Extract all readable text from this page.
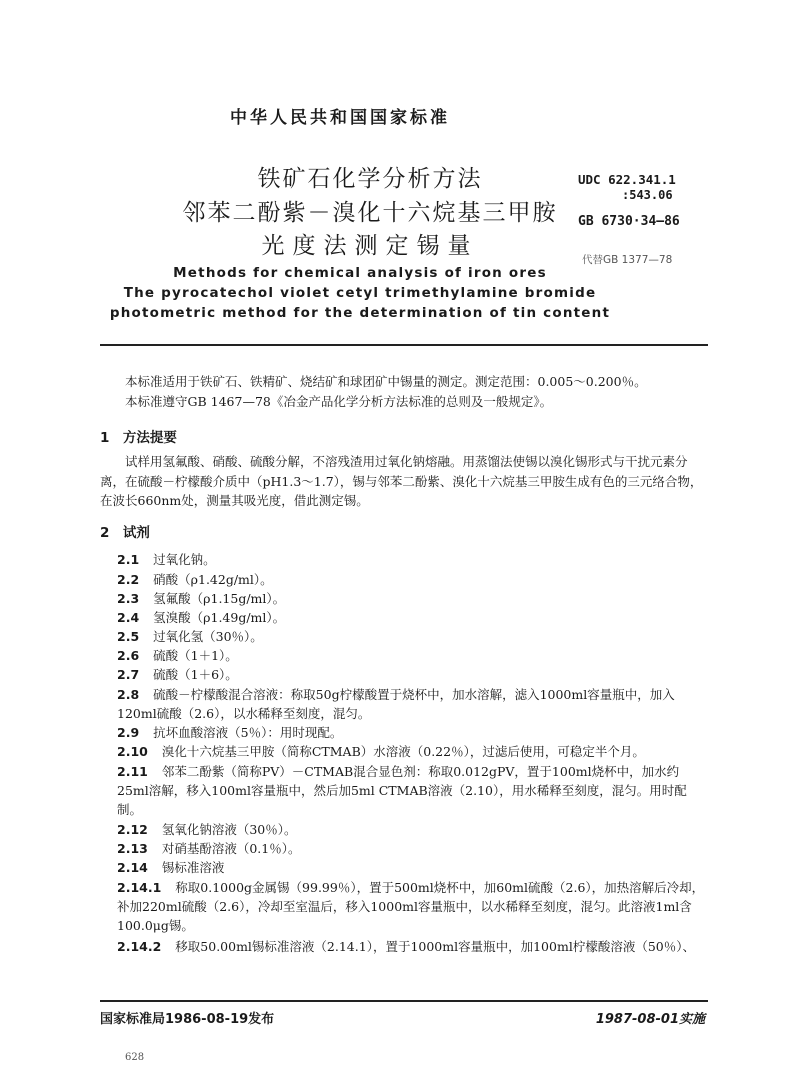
中华人民共和国国家标准
铁矿石化学分析方法
邻苯二酚紫－溴化十六烷基三甲胺
光度法测定锡量
Methods for chemical analysis of iron ores
The pyrocatechol violet cetyl trimethylamine bromide
photometric method for the determination of tin content
UDC 622.341.1
:543.06
GB 6730·34—86
代替GB 1377—78
本标准适用于铁矿石、铁精矿、烧结矿和球团矿中锡量的测定。测定范围：0.005～0.200％。
本标准遵守GB 1467—78《冶金产品化学分析方法标准的总则及一般规定》。
1　方法提要
试样用氢氟酸、硝酸、硫酸分解，不溶残渣用过氧化钠熔融。用蒸馏法使锡以溴化锡形式与干扰元素分离，在硫酸－柠檬酸介质中（pH1.3～1.7），锡与邻苯二酚紫、溴化十六烷基三甲胺生成有色的三元络合物，在波长660nm处，测量其吸光度，借此测定锡。
2　试剂
2.1 过氧化钠。
2.2 硝酸（ρ1.42g/ml）。
2.3 氢氟酸（ρ1.15g/ml）。
2.4 氢溴酸（ρ1.49g/ml）。
2.5 过氧化氢（30％）。
2.6 硫酸（1＋1）。
2.7 硫酸（1＋6）。
2.8 硫酸－柠檬酸混合溶液：称取50g柠檬酸置于烧杯中，加水溶解，滤入1000ml容量瓶中，加入120ml硫酸（2.6），以水稀释至刻度，混匀。
2.9 抗坏血酸溶液（5％）：用时现配。
2.10 溴化十六烷基三甲胺（简称CTMAB）水溶液（0.22％），过滤后使用，可稳定半个月。
2.11 邻苯二酚紫（简称PV）－CTMAB混合显色剂：称取0.012gPV，置于100ml烧杯中，加水约25ml溶解，移入100ml容量瓶中，然后加5ml CTMAB溶液（2.10），用水稀释至刻度，混匀。用时配制。
2.12 氢氧化钠溶液（30％）。
2.13 对硝基酚溶液（0.1％）。
2.14 锡标准溶液
2.14.1 称取0.1000g金属锡（99.99％），置于500ml烧杯中，加60ml硫酸（2.6），加热溶解后冷却，补加220ml硫酸（2.6），冷却至室温后，移入1000ml容量瓶中，以水稀释至刻度，混匀。此溶液1ml含100.0μg锡。
2.14.2 移取50.00ml锡标准溶液（2.14.1），置于1000ml容量瓶中，加100ml柠檬酸溶液（50％）、
国家标准局1986-08-19发布	1987-08-01实施
628
